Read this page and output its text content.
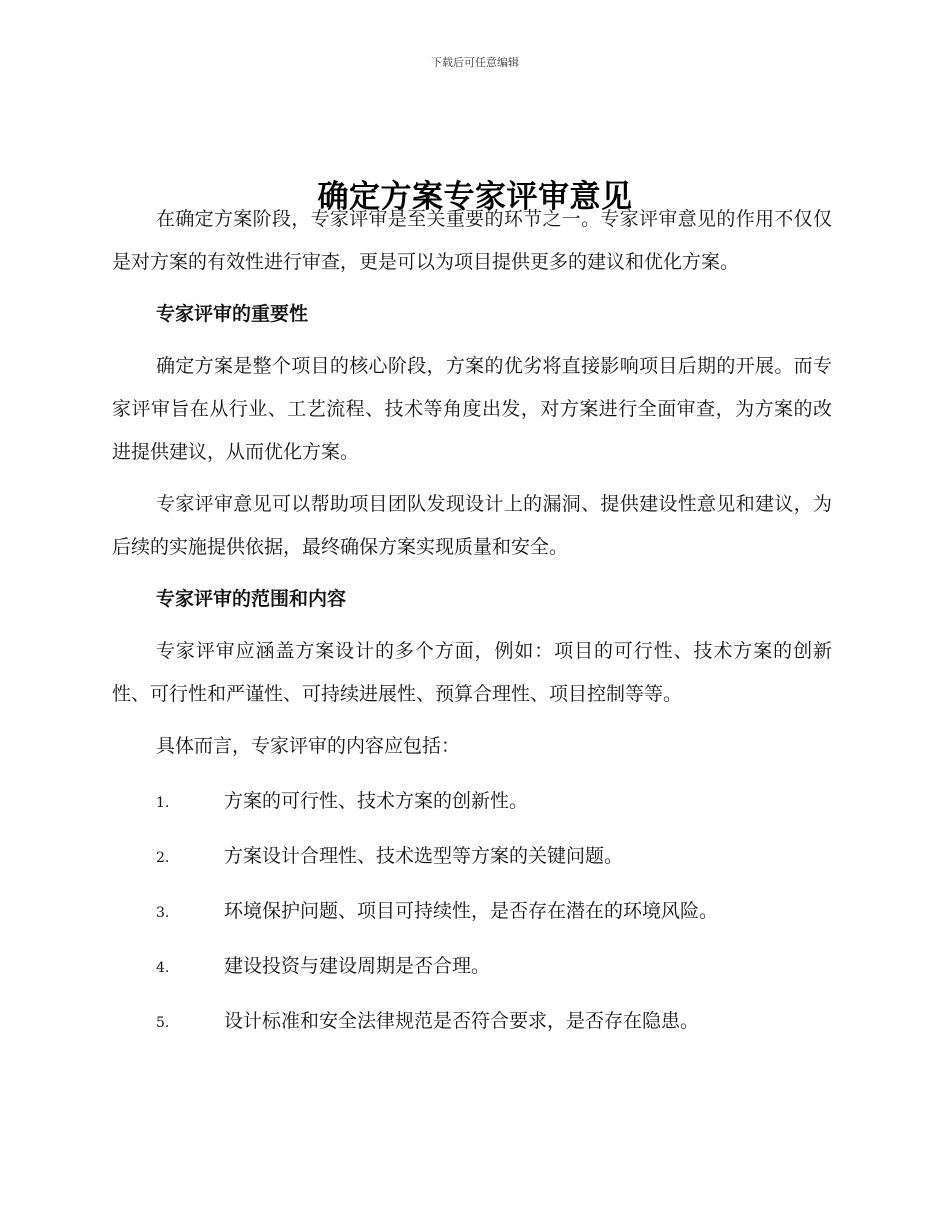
下载后可任意编辑
确定方案专家评审意见

在确定方案阶段，专家评审是至关重要的环节之一。专家评审意见的作用不仅仅是对方案的有效性进行审查，更是可以为项目提供更多的建议和优化方案。

专家评审的重要性

确定方案是整个项目的核心阶段，方案的优劣将直接影响项目后期的开展。而专家评审旨在从行业、工艺流程、技术等角度出发，对方案进行全面审查，为方案的改进提供建议，从而优化方案。

专家评审意见可以帮助项目团队发现设计上的漏洞、提供建设性意见和建议，为后续的实施提供依据，最终确保方案实现质量和安全。

专家评审的范围和内容

专家评审应涵盖方案设计的多个方面，例如：项目的可行性、技术方案的创新性、可行性和严谨性、可持续进展性、预算合理性、项目控制等等。

具体而言，专家评审的内容应包括：

1.	方案的可行性、技术方案的创新性。
2.	方案设计合理性、技术选型等方案的关键问题。
3.	环境保护问题、项目可持续性，是否存在潜在的环境风险。
4.	建设投资与建设周期是否合理。
5.	设计标准和安全法律规范是否符合要求，是否存在隐患。
